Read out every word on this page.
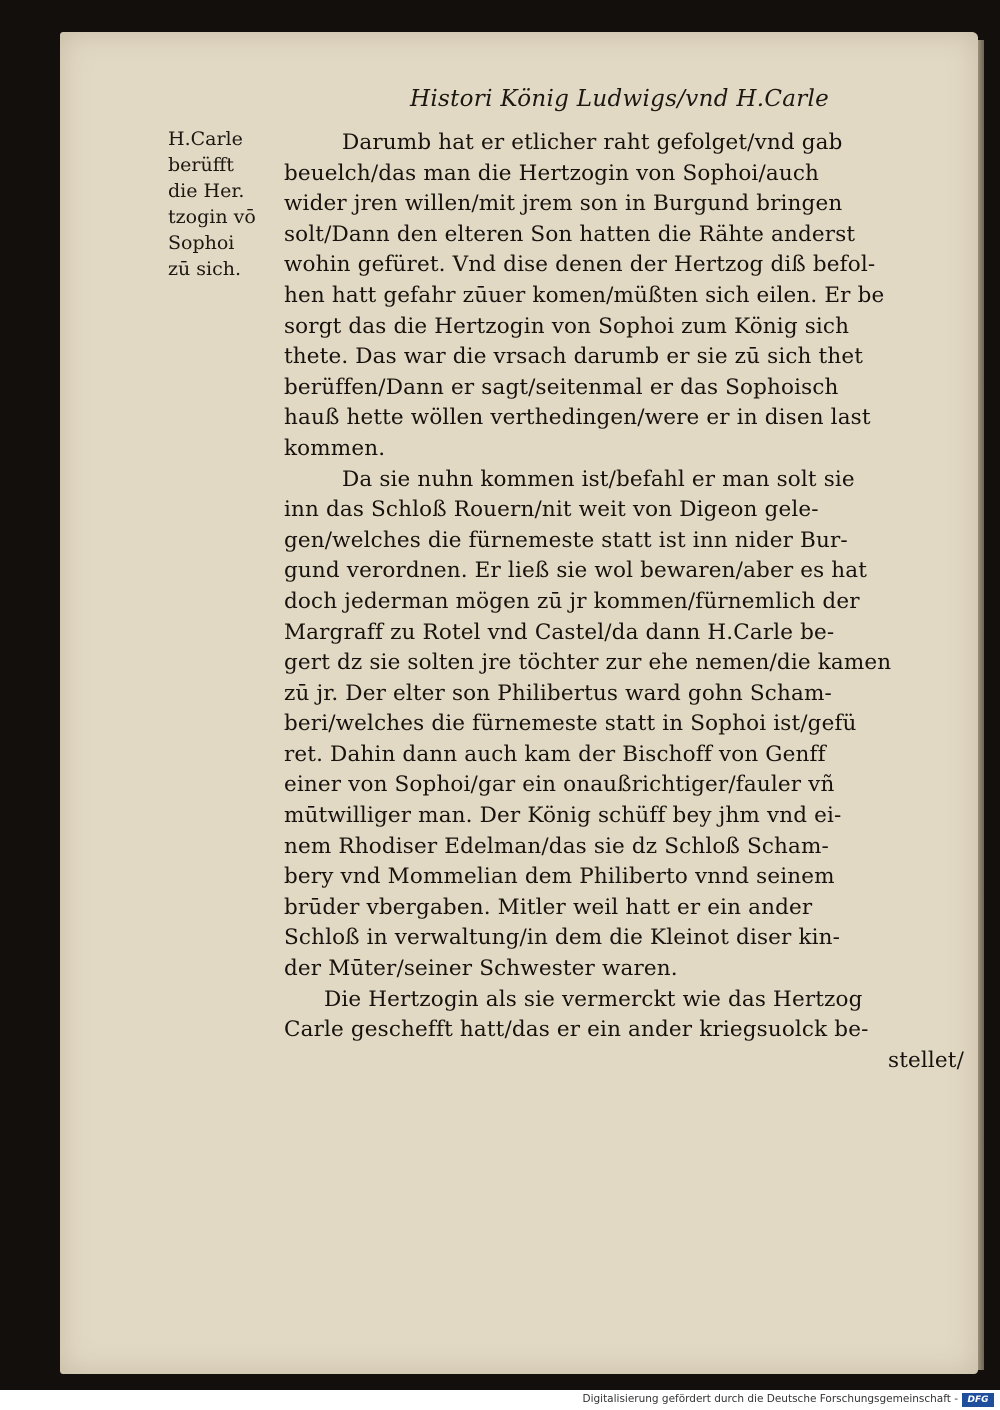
Histori König Ludwigs/vnd H.Carle
H.Carle
berüfft
die Her.
tzogin vō
Sophoi
zū sich.
Darumb hat er etlicher raht gefolget/vnd gab
beuelch/das man die Hertzogin von Sophoi/auch
wider jren willen/mit jrem son in Burgund bringen
solt/Dann den elteren Son hatten die Rähte anderst
wohin gefüret. Vnd dise denen der Hertzog diß befol-
hen hatt gefahr zūuer komen/müßten sich eilen. Er be
sorgt das die Hertzogin von Sophoi zum König sich
thete. Das war die vrsach darumb er sie zū sich thet
berüffen/Dann er sagt/seitenmal er das Sophoisch
hauß hette wöllen verthedingen/were er in disen last
kommen.
Da sie nuhn kommen ist/befahl er man solt sie
inn das Schloß Rouern/nit weit von Digeon gele-
gen/welches die fürnemeste statt ist inn nider Bur-
gund verordnen. Er ließ sie wol bewaren/aber es hat
doch jederman mögen zū jr kommen/fürnemlich der
Margraff zu Rotel vnd Castel/da dann H.Carle be-
gert dz sie solten jre töchter zur ehe nemen/die kamen
zū jr. Der elter son Philibertus ward gohn Scham-
beri/welches die fürnemeste statt in Sophoi ist/gefü
ret. Dahin dann auch kam der Bischoff von Genff
einer von Sophoi/gar ein onaußrichtiger/fauler vñ
mūtwilliger man. Der König schüff bey jhm vnd ei-
nem Rhodiser Edelman/das sie dz Schloß Scham-
bery vnd Mommelian dem Philiberto vnnd seinem
brūder vbergaben. Mitler weil hatt er ein ander
Schloß in verwaltung/in dem die Kleinot diser kin-
der Mūter/seiner Schwester waren.
Die Hertzogin als sie vermerckt wie das Hertzog
Carle geschefft hatt/das er ein ander kriegsuolck be-
stellet/
Digitalisierung gefördert durch die Deutsche Forschungsgemeinschaft -	DFG
